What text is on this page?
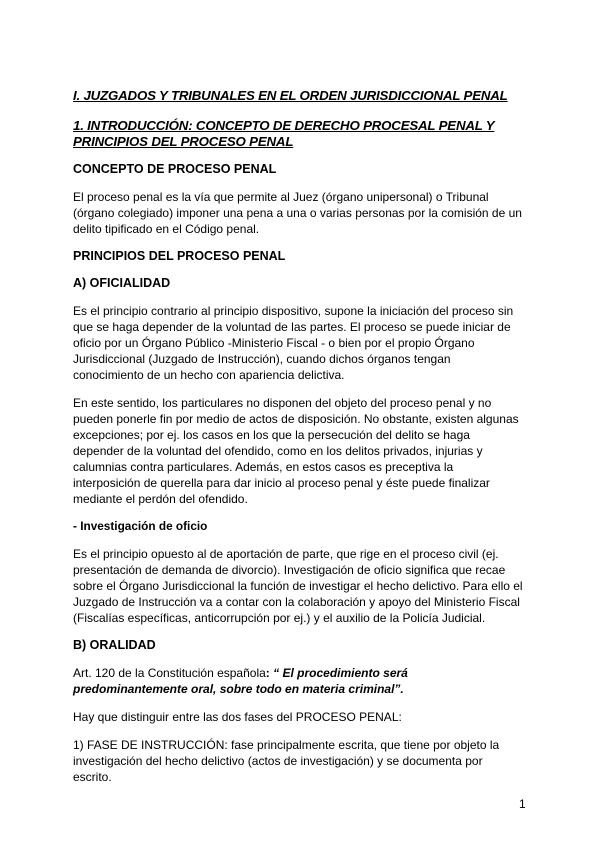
I. JUZGADOS Y TRIBUNALES EN EL ORDEN JURISDICCIONAL PENAL
1. INTRODUCCIÓN: CONCEPTO DE DERECHO PROCESAL PENAL Y PRINCIPIOS DEL PROCESO PENAL
CONCEPTO DE PROCESO PENAL

El proceso penal es la vía que permite al Juez (órgano unipersonal) o Tribunal (órgano colegiado) imponer una pena a una o varias personas por la comisión de un delito tipificado en el Código penal.

PRINCIPIOS DEL PROCESO PENAL
A) OFICIALIDAD

Es el principio contrario al principio dispositivo, supone la iniciación del proceso sin que se haga depender de la voluntad de las partes. El proceso se puede iniciar de oficio por un Órgano Público -Ministerio Fiscal - o bien por el propio Órgano Jurisdiccional (Juzgado de Instrucción), cuando dichos órganos tengan conocimiento de un hecho con apariencia delictiva.

En este sentido, los particulares no disponen del objeto del proceso penal y no pueden ponerle fin por medio de actos de disposición. No obstante, existen algunas excepciones; por ej. los casos en los que la persecución del delito se haga depender de la voluntad del ofendido, como en los delitos privados, injurias y calumnias contra particulares. Además, en estos casos es preceptiva la interposición de querella para dar inicio al proceso penal y éste puede finalizar mediante el perdón del ofendido.

- Investigación de oficio

Es el principio opuesto al de aportación de parte, que rige en el proceso civil (ej. presentación de demanda de divorcio). Investigación de oficio significa que recae sobre el Órgano Jurisdiccional la función de investigar el hecho delictivo. Para ello el Juzgado de Instrucción va a contar con la colaboración y apoyo del Ministerio Fiscal (Fiscalías específicas, anticorrupción por ej.) y el auxilio de la Policía Judicial.

B) ORALIDAD

Art. 120 de la Constitución española: “ El procedimiento será predominantemente oral, sobre todo en materia criminal”.

Hay que distinguir entre las dos fases del PROCESO PENAL:

1) FASE DE INSTRUCCIÓN: fase principalmente escrita, que tiene por objeto la investigación del hecho delictivo (actos de investigación) y se documenta por escrito.

1
